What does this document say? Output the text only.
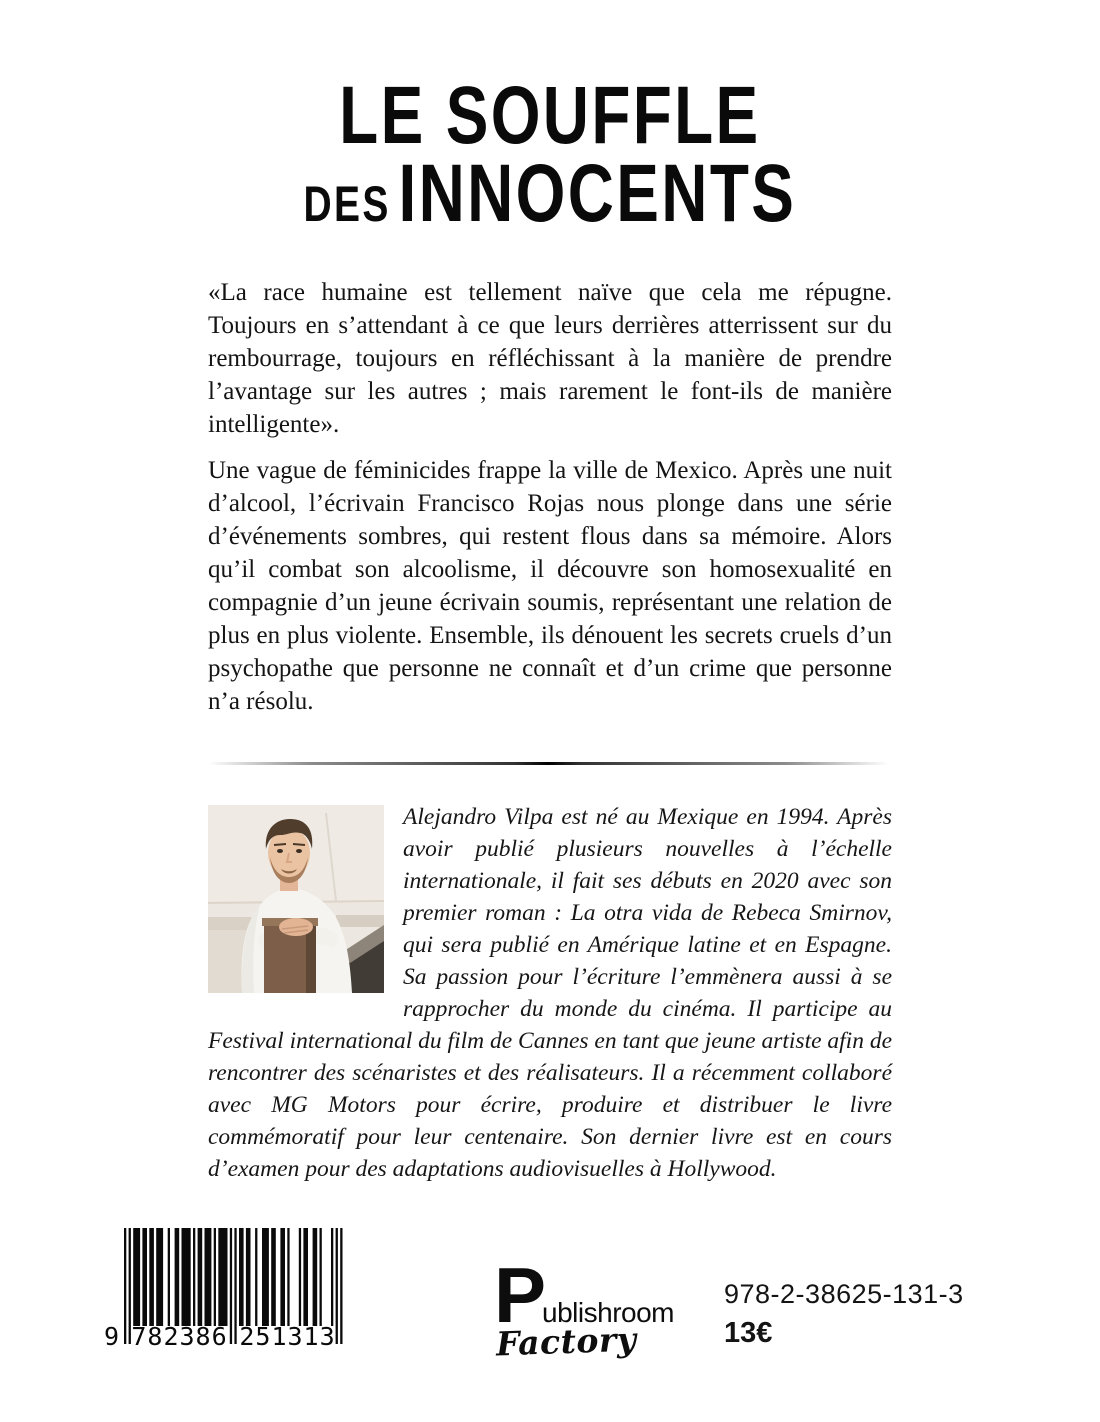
LE SOUFFLE
DESINNOCENTS

«La race humaine est tellement naïve que cela me répugne. Toujours en s’attendant à ce que leurs derrières atterrissent sur du rembourrage, toujours en réfléchissant à la manière de prendre l’avantage sur les autres ; mais rarement le font-ils de manière intelligente».

Une vague de féminicides frappe la ville de Mexico. Après une nuit d’alcool, l’écrivain Francisco Rojas nous plonge dans une série d’événements sombres, qui restent flous dans sa mémoire. Alors qu’il combat son alcoolisme, il découvre son homosexualité en compagnie d’un jeune écrivain soumis, représentant une relation de plus en plus violente. Ensemble, ils dénouent les secrets cruels d’un psychopathe que personne ne connaît et d’un crime que personne n’a résolu.

Alejandro Vilpa est né au Mexique en 1994. Après avoir publié plusieurs nouvelles à l’échelle internationale, il fait ses débuts en 2020 avec son premier roman : La otra vida de Rebeca Smirnov, qui sera publié en Amérique latine et en Espagne. Sa passion pour l’écriture l’emmènera aussi à se rapprocher du monde du cinéma. Il participe au Festival international du film de Cannes en tant que jeune artiste afin de rencontrer des scénaristes et des réalisateurs. Il a récemment collaboré avec MG Motors pour écrire, produire et distribuer le livre commémoratif pour leur centenaire. Son dernier livre est en cours d’examen pour des adaptations audiovisuelles à Hollywood.

9 782386 251313 P
ublishroom
Factory
978-2-38625-131-3
13€
